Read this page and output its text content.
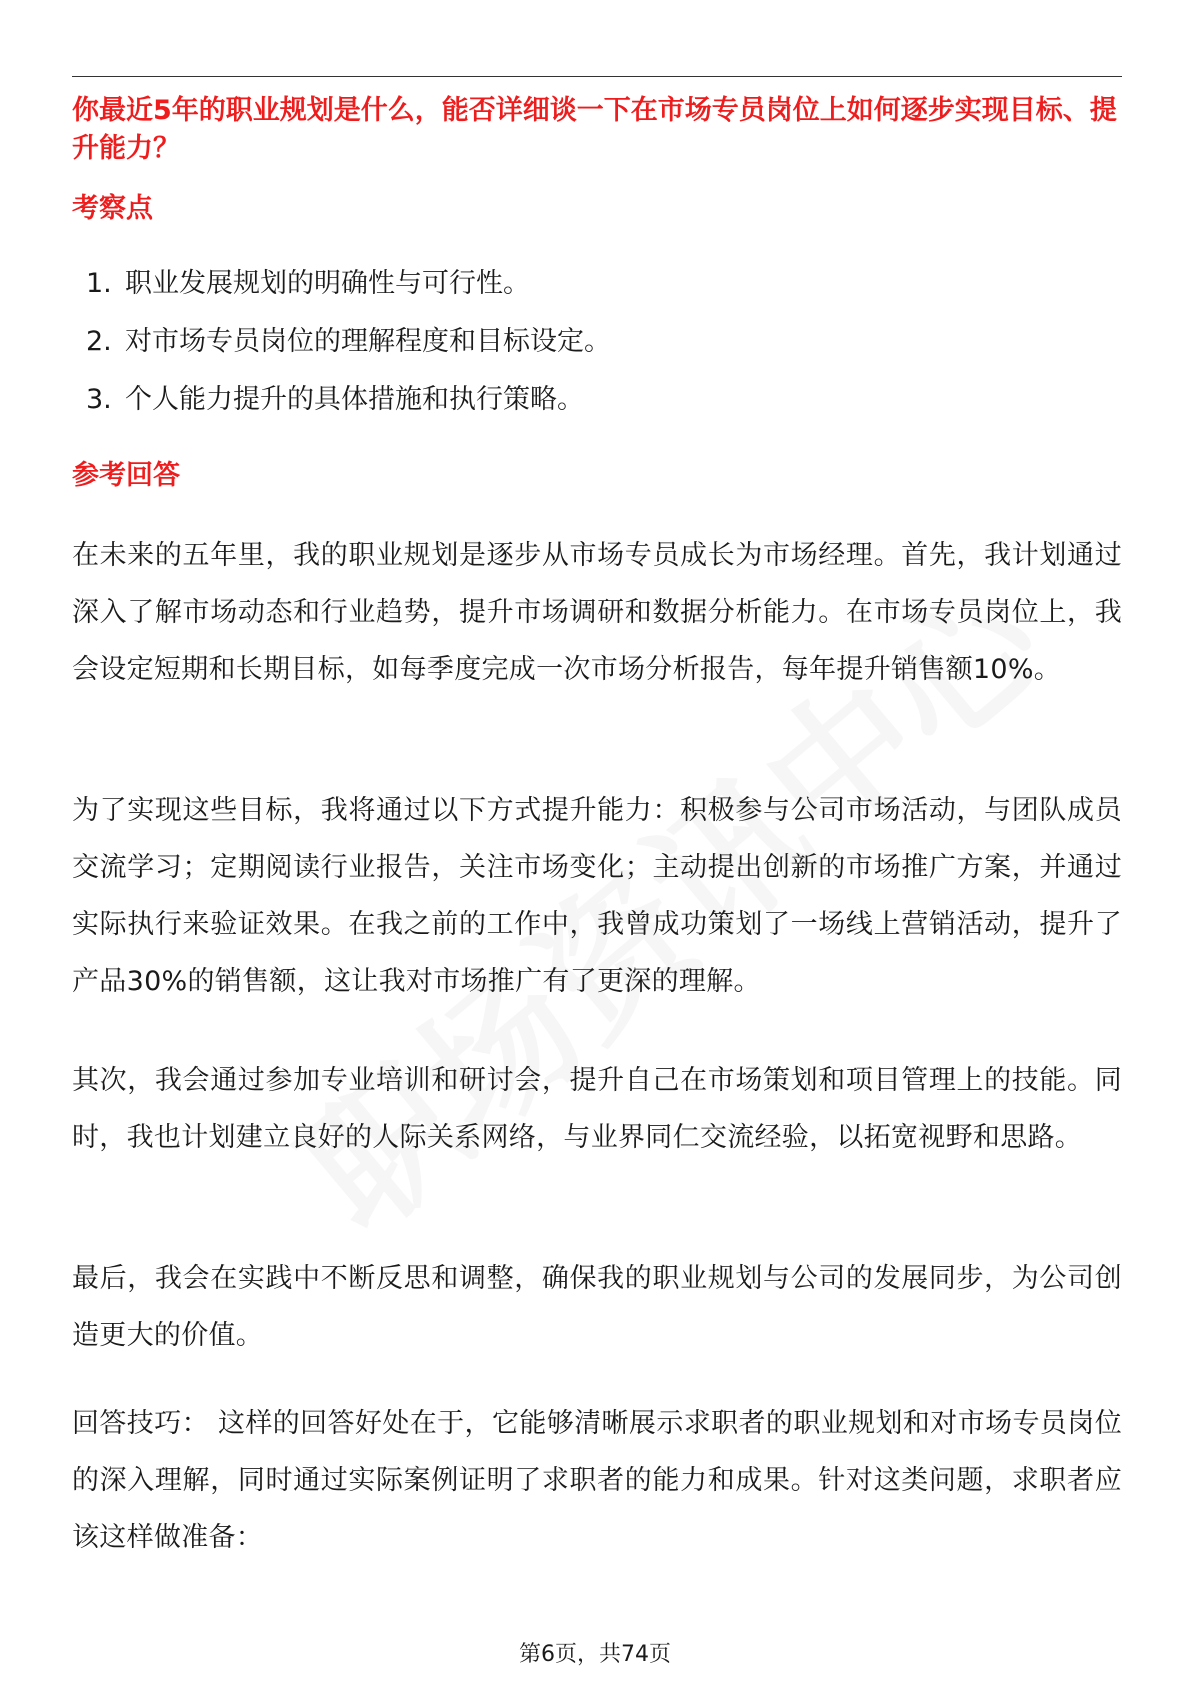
你最近5年的职业规划是什么，能否详细谈一下在市场专员岗位上如何逐步实现目标、提升能力？
考察点
1. 职业发展规划的明确性与可行性。
2. 对市场专员岗位的理解程度和目标设定。
3. 个人能力提升的具体措施和执行策略。
参考回答

在未来的五年里，我的职业规划是逐步从市场专员成长为市场经理。首先，我计划通过深入了解市场动态和行业趋势，提升市场调研和数据分析能力。在市场专员岗位上，我会设定短期和长期目标，如每季度完成一次市场分析报告，每年提升销售额10%。

为了实现这些目标，我将通过以下方式提升能力：积极参与公司市场活动，与团队成员交流学习；定期阅读行业报告，关注市场变化；主动提出创新的市场推广方案，并通过实际执行来验证效果。在我之前的工作中，我曾成功策划了一场线上营销活动，提升了产品30%的销售额，这让我对市场推广有了更深的理解。

其次，我会通过参加专业培训和研讨会，提升自己在市场策划和项目管理上的技能。同时，我也计划建立良好的人际关系网络，与业界同仁交流经验，以拓宽视野和思路。

最后，我会在实践中不断反思和调整，确保我的职业规划与公司的发展同步，为公司创造更大的价值。

回答技巧： 这样的回答好处在于，它能够清晰展示求职者的职业规划和对市场专员岗位的深入理解，同时通过实际案例证明了求职者的能力和成果。针对这类问题，求职者应该这样做准备：

第6页，共74页
